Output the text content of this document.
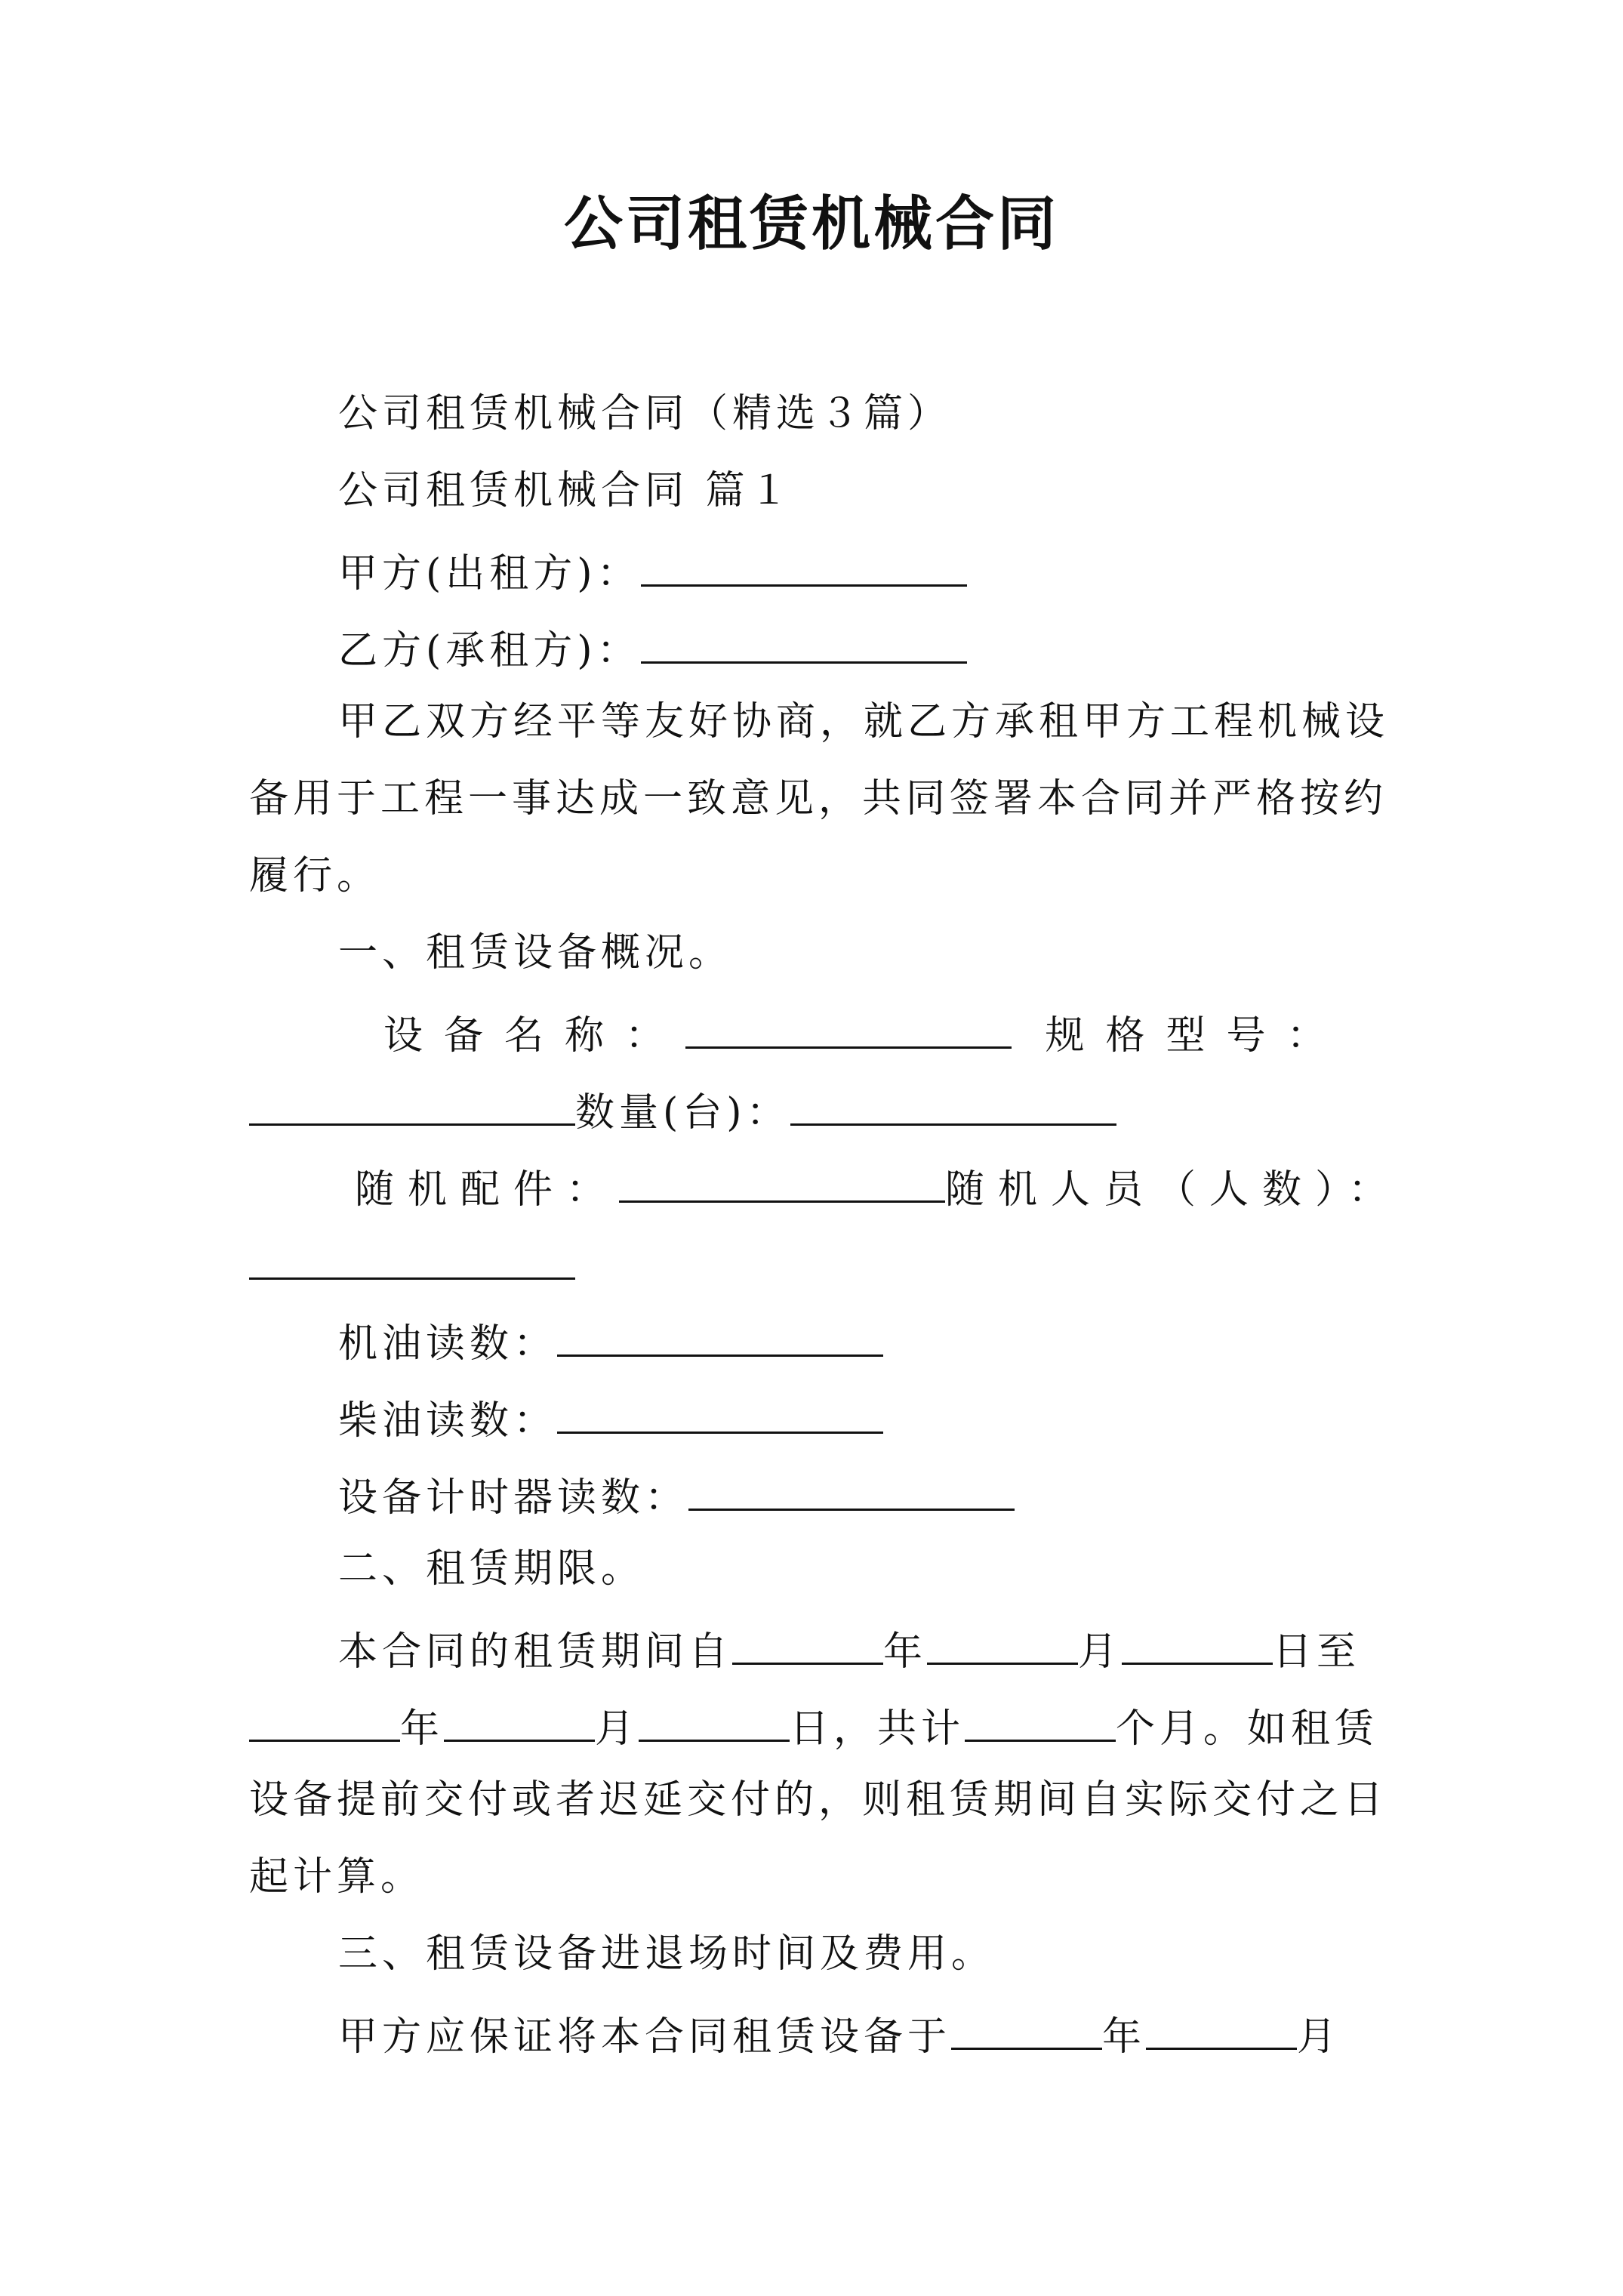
公司租赁机械合同
公司租赁机械合同（精选３篇）
公司租赁机械合同 篇１
甲方(出租方)：
乙方(承租方)：
甲乙双方经平等友好协商，就乙方承租甲方工程机械设
备用于工程一事达成一致意见，共同签署本合同并严格按约
履行。
一、租赁设备概况。
设备名称：	规格型号：
数量(台)：
随机配件：	随机人员（人数）：
机油读数：
柴油读数：
设备计时器读数：
二、租赁期限。
本合同的租赁期间自	年	月	日至
年	月	日，共计	个月。如租赁
设备提前交付或者迟延交付的，则租赁期间自实际交付之日
起计算。
三、租赁设备进退场时间及费用。
甲方应保证将本合同租赁设备于	年	月
